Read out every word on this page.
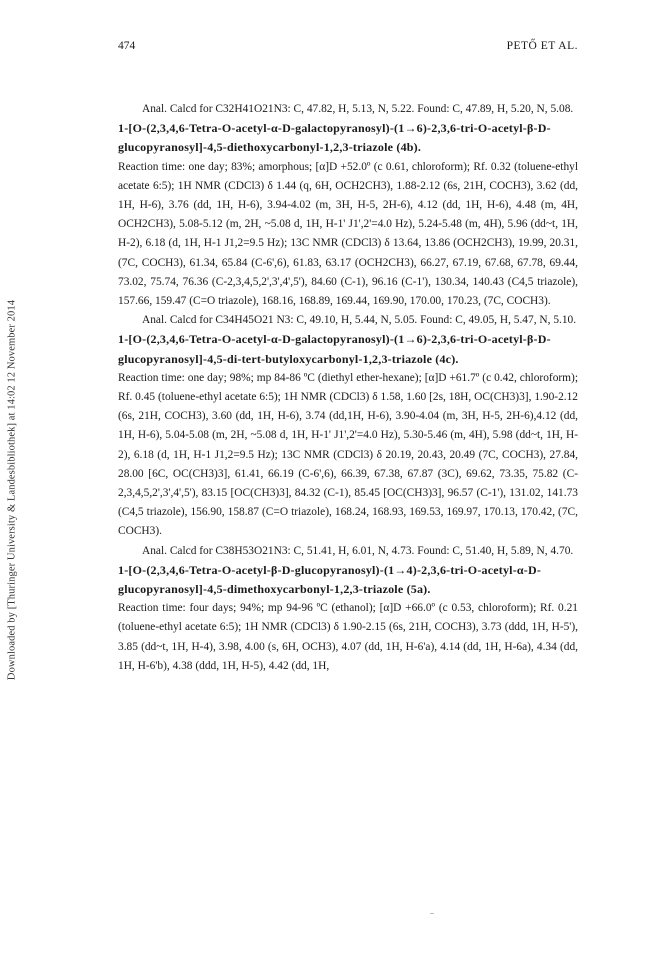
Downloaded by [Thuringer University & Landesbibliothek] at 14:02 12 November 2014
474	PETŐ ET AL.

Anal. Calcd for C32H41O21N3: C, 47.82, H, 5.13, N, 5.22. Found: C, 47.89, H, 5.20, N, 5.08.

1-[O-(2,3,4,6-Tetra-O-acetyl-α-D-galactopyranosyl)-(1→6)-2,3,6-tri-O-acetyl-β-D-glucopyranosyl]-4,5-diethoxycarbonyl-1,2,3-triazole (4b).

Reaction time: one day; 83%; amorphous; [α]D +52.0º (c 0.61, chloroform); Rf. 0.32 (toluene-ethyl acetate 6:5); 1H NMR (CDCl3) δ 1.44 (q, 6H, OCH2CH3), 1.88-2.12 (6s, 21H, COCH3), 3.62 (dd, 1H, H-6), 3.76 (dd, 1H, H-6), 3.94-4.02 (m, 3H, H-5, 2H-6), 4.12 (dd, 1H, H-6), 4.48 (m, 4H, OCH2CH3), 5.08-5.12 (m, 2H, ~5.08 d, 1H, H-1' J1',2'=4.0 Hz), 5.24-5.48 (m, 4H), 5.96 (dd~t, 1H, H-2), 6.18 (d, 1H, H-1 J1,2=9.5 Hz); 13C NMR (CDCl3) δ 13.64, 13.86 (OCH2CH3), 19.99, 20.31, (7C, COCH3), 61.34, 65.84 (C-6',6), 61.83, 63.17 (OCH2CH3), 66.27, 67.19, 67.68, 67.78, 69.44, 73.02, 75.74, 76.36 (C-2,3,4,5,2',3',4',5'), 84.60 (C-1), 96.16 (C-1'), 130.34, 140.43 (C4,5 triazole), 157.66, 159.47 (C=O triazole), 168.16, 168.89, 169.44, 169.90, 170.00, 170.23, (7C, COCH3).

Anal. Calcd for C34H45O21 N3: C, 49.10, H, 5.44, N, 5.05. Found: C, 49.05, H, 5.47, N, 5.10.

1-[O-(2,3,4,6-Tetra-O-acetyl-α-D-galactopyranosyl)-(1→6)-2,3,6-tri-O-acetyl-β-D-glucopyranosyl]-4,5-di-tert-butyloxycarbonyl-1,2,3-triazole (4c).

Reaction time: one day; 98%; mp 84-86 ºC (diethyl ether-hexane); [α]D +61.7º (c 0.42, chloroform); Rf. 0.45 (toluene-ethyl acetate 6:5); 1H NMR (CDCl3) δ 1.58, 1.60 [2s, 18H, OC(CH3)3], 1.90-2.12 (6s, 21H, COCH3), 3.60 (dd, 1H, H-6), 3.74 (dd,1H, H-6), 3.90-4.04 (m, 3H, H-5, 2H-6),4.12 (dd, 1H, H-6), 5.04-5.08 (m, 2H, ~5.08 d, 1H, H-1' J1',2'=4.0 Hz), 5.30-5.46 (m, 4H), 5.98 (dd~t, 1H, H-2), 6.18 (d, 1H, H-1 J1,2=9.5 Hz); 13C NMR (CDCl3) δ 20.19, 20.43, 20.49 (7C, COCH3), 27.84, 28.00 [6C, OC(CH3)3], 61.41, 66.19 (C-6',6), 66.39, 67.38, 67.87 (3C), 69.62, 73.35, 75.82 (C-2,3,4,5,2',3',4',5'), 83.15 [OC(CH3)3], 84.32 (C-1), 85.45 [OC(CH3)3], 96.57 (C-1'), 131.02, 141.73 (C4,5 triazole), 156.90, 158.87 (C=O triazole), 168.24, 168.93, 169.53, 169.97, 170.13, 170.42, (7C, COCH3).

Anal. Calcd for C38H53O21N3: C, 51.41, H, 6.01, N, 4.73. Found: C, 51.40, H, 5.89, N, 4.70.

1-[O-(2,3,4,6-Tetra-O-acetyl-β-D-glucopyranosyl)-(1→4)-2,3,6-tri-O-acetyl-α-D-glucopyranosyl]-4,5-dimethoxycarbonyl-1,2,3-triazole (5a).

Reaction time: four days; 94%; mp 94-96 ºC (ethanol); [α]D +66.0º (c 0.53, chloroform); Rf. 0.21 (toluene-ethyl acetate 6:5); 1H NMR (CDCl3) δ 1.90-2.15 (6s, 21H, COCH3), 3.73 (ddd, 1H, H-5'), 3.85 (dd~t, 1H, H-4), 3.98, 4.00 (s, 6H, OCH3), 4.07 (dd, 1H, H-6'a), 4.14 (dd, 1H, H-6a), 4.34 (dd, 1H, H-6'b), 4.38 (ddd, 1H, H-5), 4.42 (dd, 1H,
